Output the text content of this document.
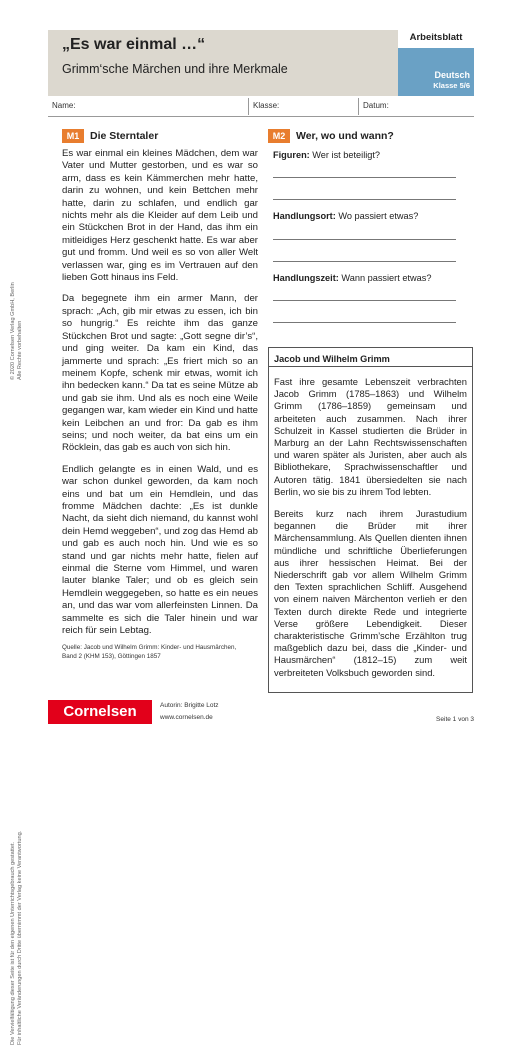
„Es war einmal …“
Grimm‘sche Märchen und ihre Merkmale
Arbeitsblatt
Deutsch
Klasse 5/6
Name:	Klasse:	Datum:
M1	Die Sterntaler

Es war einmal ein kleines Mädchen, dem war Vater und Mutter gestorben, und es war so arm, dass es kein Kämmerchen mehr hatte, darin zu wohnen, und kein Bettchen mehr hatte, darin zu schlafen, und endlich gar nichts mehr als die Kleider auf dem Leib und ein Stückchen Brot in der Hand, das ihm ein mitleidiges Herz geschenkt hatte. Es war aber gut und fromm. Und weil es so von aller Welt verlassen war, ging es im Vertrauen auf den lieben Gott hinaus ins Feld.

Da begegnete ihm ein armer Mann, der sprach: „Ach, gib mir etwas zu essen, ich bin so hungrig.“ Es reichte ihm das ganze Stückchen Brot und sagte: „Gott segne dir’s“, und ging weiter. Da kam ein Kind, das jammerte und sprach: „Es friert mich so an meinem Kopfe, schenk mir etwas, womit ich ihn bedecken kann.“ Da tat es seine Mütze ab und gab sie ihm. Und als es noch eine Weile gegangen war, kam wieder ein Kind und hatte kein Leibchen an und fror: Da gab es ihm seins; und noch weiter, da bat eins um ein Röcklein, das gab es auch von sich hin.

Endlich gelangte es in einen Wald, und es war schon dunkel geworden, da kam noch eins und bat um ein Hemdlein, und das fromme Mädchen dachte: „Es ist dunkle Nacht, da sieht dich niemand, du kannst wohl dein Hemd weggeben“, und zog das Hemd ab und gab es auch noch hin. Und wie es so stand und gar nichts mehr hatte, fielen auf einmal die Sterne vom Himmel, und waren lauter blanke Taler; und ob es gleich sein Hemdlein weggegeben, so hatte es ein neues an, und das war vom allerfeinsten Linnen. Da sammelte es sich die Taler hinein und war reich für sein Lebtag.

Quelle: Jacob und Wilhelm Grimm: Kinder- und Hausmärchen,
Band 2 (KHM 153), Göttingen 1857
M2	Wer, wo und wann?
Figuren: Wer ist beteiligt?
Handlungsort: Wo passiert etwas?
Handlungszeit: Wann passiert etwas?
Jacob und Wilhelm Grimm

Fast ihre gesamte Lebenszeit verbrachten Jacob Grimm (1785–1863) und Wilhelm Grimm (1786–1859) gemeinsam und arbeiteten auch zusammen. Nach ihrer Schulzeit in Kassel studierten die Brüder in Marburg an der Lahn Rechtswissenschaften und waren später als Juristen, aber auch als Bibliothekare, Sprachwissenschaftler und Autoren tätig. 1841 übersiedelten sie nach Berlin, wo sie bis zu ihrem Tod lebten.

Bereits kurz nach ihrem Jurastudium begannen die Brüder mit ihrer Märchensammlung. Als Quellen dienten ihnen mündliche und schriftliche Überlieferungen aus ihrer hessischen Heimat. Bei der Niederschrift gab vor allem Wilhelm Grimm den Texten sprachlichen Schliff. Ausgehend von einem naiven Märchenton verlieh er den Texten durch direkte Rede und integrierte Verse größere Lebendigkeit. Dieser charakteristische Grimm’sche Erzählton trug maßgeblich dazu bei, dass die „Kinder- und Hausmärchen“ (1812–15) zum weit verbreiteten Volksbuch geworden sind.

© 2020 Cornelsen Verlag GmbH, Berlin Alle Rechte vorbehalten
Die Vervielfältigung dieser Seite ist für den eigenen Unterrichtsgebrauch gestattet. Für inhaltliche Veränderungen durch Dritte übernimmt der Verlag keine Verantwortung.
Cornelsen	Autorin: Brigitte Lotz
www.cornelsen.de	Seite 1 von 3
